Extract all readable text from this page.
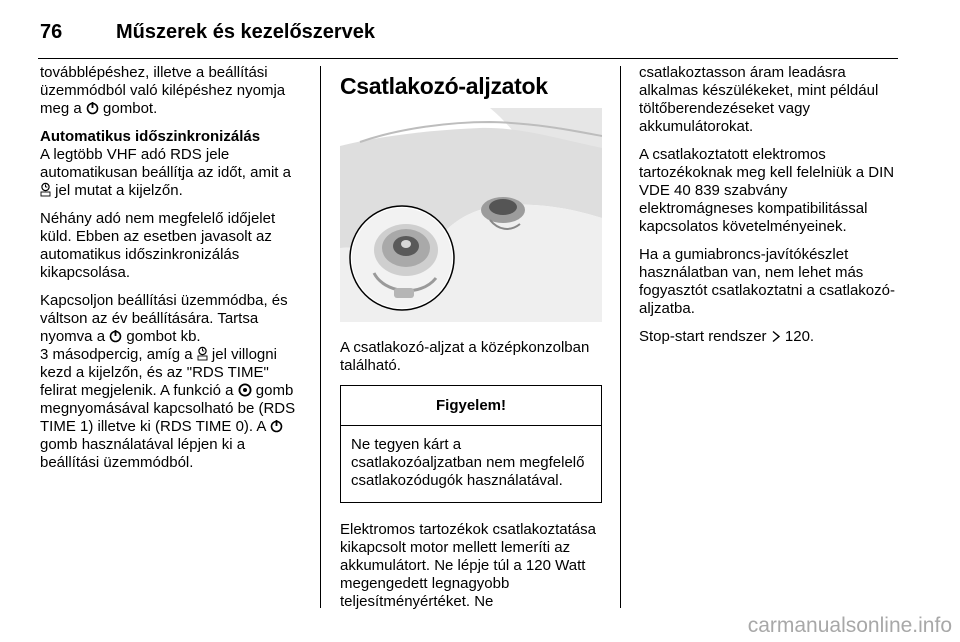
76	Műszerek és kezelőszervek

továbblépéshez, illetve a beállítási üzemmódból való kilépéshez nyomja meg a gombot.

Automatikus időszinkronizálás

A legtöbb VHF adó RDS jele automatikusan beállítja az időt, amit a  jel mutat a kijelzőn.

Néhány adó nem megfelelő időjelet küld. Ebben az esetben javasolt az automatikus időszinkronizálás kikapcsolása.

Kapcsoljon beállítási üzemmódba, és váltson az év beállítására. Tartsa nyomva a gombot kb.

3 másodpercig, amíg a jel villogni kezd a kijelzőn, és az "RDS TIME" felirat megjelenik. A funkció a gomb megnyomásával kapcsolható be (RDS TIME 1) illetve ki (RDS TIME 0). A  gomb használatával lépjen ki a beállítási üzemmódból.

Csatlakozó-aljzatok

A csatlakozó-aljzat a középkonzolban található.

Figyelem!
Ne tegyen kárt a csatlakozóaljzatban nem megfelelő csatlakozódugók használatával.

Elektromos tartozékok csatlakoztatása kikapcsolt motor mellett lemeríti az akkumulátort. Ne lépje túl a 120 Watt megengedett legnagyobb teljesítményértéket. Ne

csatlakoztasson áram leadásra alkalmas készülékeket, mint például töltőberendezéseket vagy akkumulátorokat.

A csatlakoztatott elektromos tartozékoknak meg kell felelniük a DIN VDE 40 839 szabvány elektromágneses kompatibilitással kapcsolatos követelményeinek.

Ha a gumiabroncs-javítókészlet használatban van, nem lehet más fogyasztót csatlakoztatni a csatlakozó-aljzatba.

Stop-start rendszer 120.

carmanualsonline.info
